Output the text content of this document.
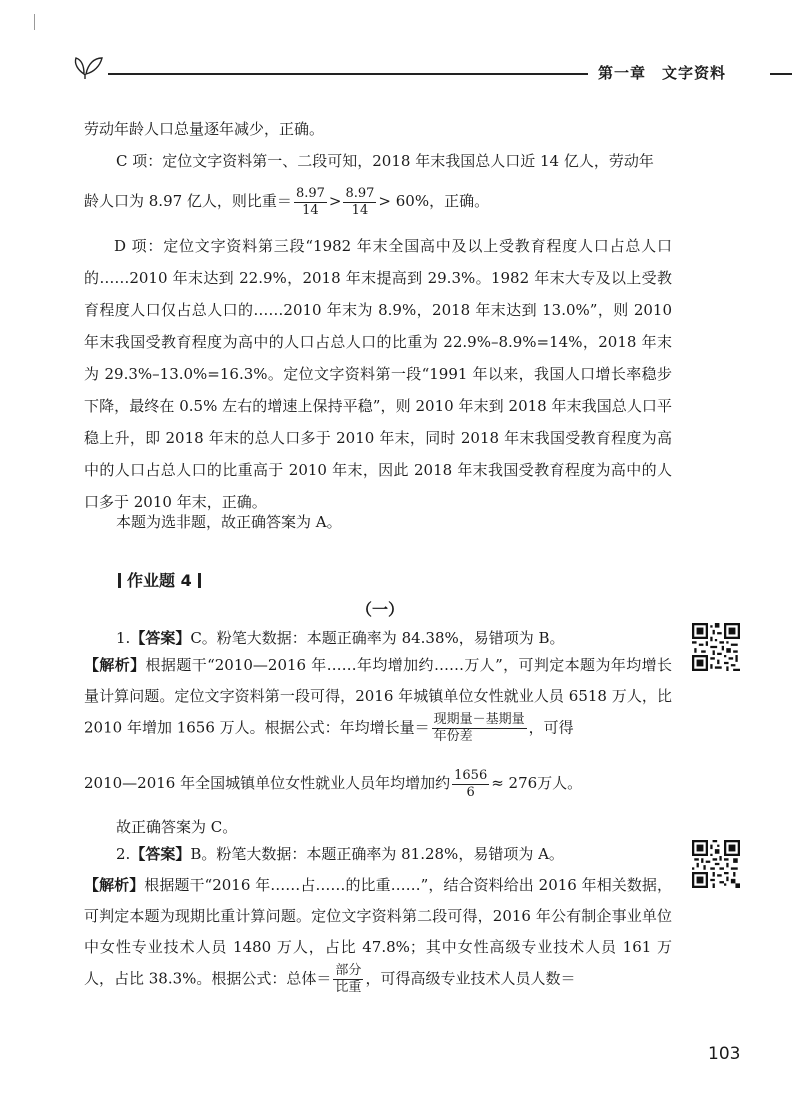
第一章　文字资料
劳动年龄人口总量逐年减少，正确。
C 项：定位文字资料第一、二段可知，2018 年末我国总人口近 14 亿人，劳动年
龄人口为 8.97 亿人，则比重＝ $\frac{8.97}{14} > \frac{8.97}{14} > 60\%$，正确。
D 项：定位文字资料第三段“1982 年末全国高中及以上受教育程度人口占总人口的……2010 年末达到 22.9%，2018 年末提高到 29.3%。1982 年末大专及以上受教育程度人口仅占总人口的……2010 年末为 8.9%，2018 年末达到 13.0%”，则 2010 年末我国受教育程度为高中的人口占总人口的比重为 22.9%–8.9%=14%，2018 年末为 29.3%–13.0%=16.3%。定位文字资料第一段“1991 年以来，我国人口增长率稳步下降，最终在 0.5% 左右的增速上保持平稳”，则 2010 年末到 2018 年末我国总人口平稳上升，即 2018 年末的总人口多于 2010 年末，同时 2018 年末我国受教育程度为高中的人口占总人口的比重高于 2010 年末，因此 2018 年末我国受教育程度为高中的人口多于 2010 年末，正确。
本题为选非题，故正确答案为 A。
作业题 4
（一）
1.【答案】C。粉笔大数据：本题正确率为 84.38%，易错项为 B。
【解析】根据题干“2010—2016 年……年均增加约……万人”，可判定本题为年均增长量计算问题。定位文字资料第一段可得，2016 年城镇单位女性就业人员 6518 万人，比 2010 年增加 1656 万人。根据公式：年均增长量＝ $\frac{\text{现期量－基期量}}{\text{年份差}}$ ，可得
2010—2016 年全国城镇单位女性就业人员年均增加约 $\frac{1656}{6} \approx 276$万人。
故正确答案为 C。
2.【答案】B。粉笔大数据：本题正确率为 81.28%，易错项为 A。
【解析】根据题干“2016 年……占……的比重……”，结合资料给出 2016 年相关数据，可判定本题为现期比重计算问题。定位文字资料第二段可得，2016 年公有制企事业单位中女性专业技术人员 1480 万人，占比 47.8%；其中女性高级专业技术人员 161 万人，占比 38.3%。根据公式：总体＝ $\frac{\text{部分}}{\text{比重}}$ ，可得高级专业技术人员人数＝
103
